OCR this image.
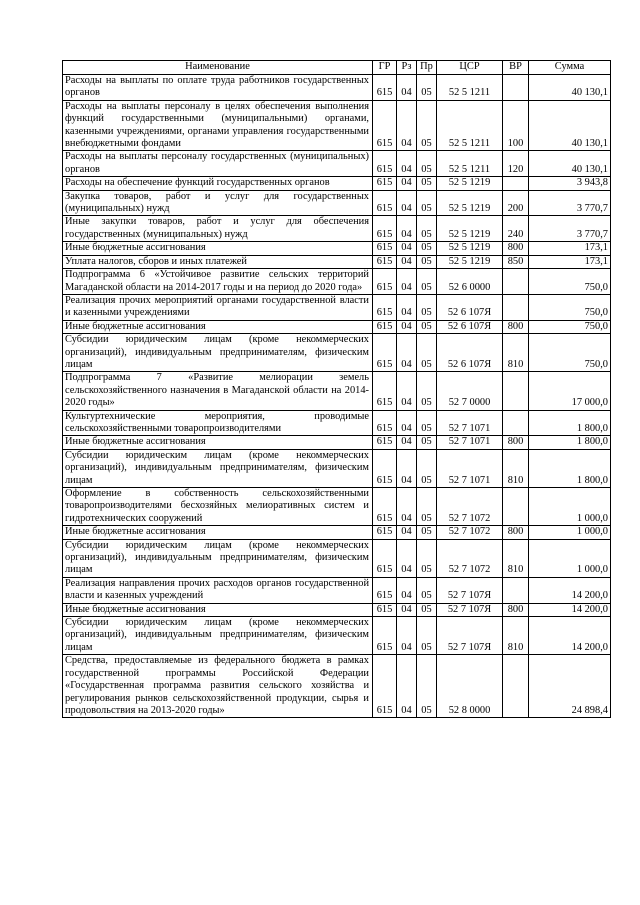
Наименование	ГР	Рз	Пр	ЦСР	ВР	Сумма
Расходы на выплаты по оплате труда работников государственных органов	615	04	05	52 5 1211		40 130,1
Расходы на выплаты персоналу в целях обеспечения выполнения функций государственными (муниципальными) органами, казенными учреждениями, органами управления государственными внебюджетными фондами	615	04	05	52 5 1211	100	40 130,1
Расходы на выплаты персоналу государственных (муниципальных) органов	615	04	05	52 5 1211	120	40 130,1
Расходы на обеспечение функций государственных органов	615	04	05	52 5 1219		3 943,8
Закупка товаров, работ и услуг для государственных (муниципальных) нужд	615	04	05	52 5 1219	200	3 770,7
Иные закупки товаров, работ и услуг для обеспечения государственных (муниципальных) нужд	615	04	05	52 5 1219	240	3 770,7
Иные бюджетные ассигнования	615	04	05	52 5 1219	800	173,1
Уплата налогов, сборов и иных платежей	615	04	05	52 5 1219	850	173,1
Подпрограмма 6 «Устойчивое развитие сельских территорий Магаданской области на 2014-2017 годы и на период до 2020 года»	615	04	05	52 6 0000		750,0
Реализация прочих мероприятий органами государственной власти и казенными учреждениями	615	04	05	52 6 107Я		750,0
Иные бюджетные ассигнования	615	04	05	52 6 107Я	800	750,0
Субсидии юридическим лицам (кроме некоммерческих организаций), индивидуальным предпринимателям, физическим лицам	615	04	05	52 6 107Я	810	750,0
Подпрограмма 7 «Развитие мелиорации земель сельскохозяйственного назначения в Магаданской области на 2014-2020 годы»	615	04	05	52 7 0000		17 000,0
Культуртехнические мероприятия, проводимые сельскохозяйственными товаропроизводителями	615	04	05	52 7 1071		1 800,0
Иные бюджетные ассигнования	615	04	05	52 7 1071	800	1 800,0
Субсидии юридическим лицам (кроме некоммерческих организаций), индивидуальным предпринимателям, физическим лицам	615	04	05	52 7 1071	810	1 800,0
Оформление в собственность сельскохозяйственными товаропроизводителями бесхозяйных мелиоративных систем и гидротехнических сооружений	615	04	05	52 7 1072		1 000,0
Иные бюджетные ассигнования	615	04	05	52 7 1072	800	1 000,0
Субсидии юридическим лицам (кроме некоммерческих организаций), индивидуальным предпринимателям, физическим лицам	615	04	05	52 7 1072	810	1 000,0
Реализация направления прочих расходов органов государственной власти и казенных учреждений	615	04	05	52 7 107Я		14 200,0
Иные бюджетные ассигнования	615	04	05	52 7 107Я	800	14 200,0
Субсидии юридическим лицам (кроме некоммерческих организаций), индивидуальным предпринимателям, физическим лицам	615	04	05	52 7 107Я	810	14 200,0
Средства, предоставляемые из федерального бюджета в рамках государственной программы Российской Федерации «Государственная программа развития сельского хозяйства и регулирования рынков сельскохозяйственной продукции, сырья и продовольствия на 2013-2020 годы»	615	04	05	52 8 0000		24 898,4
